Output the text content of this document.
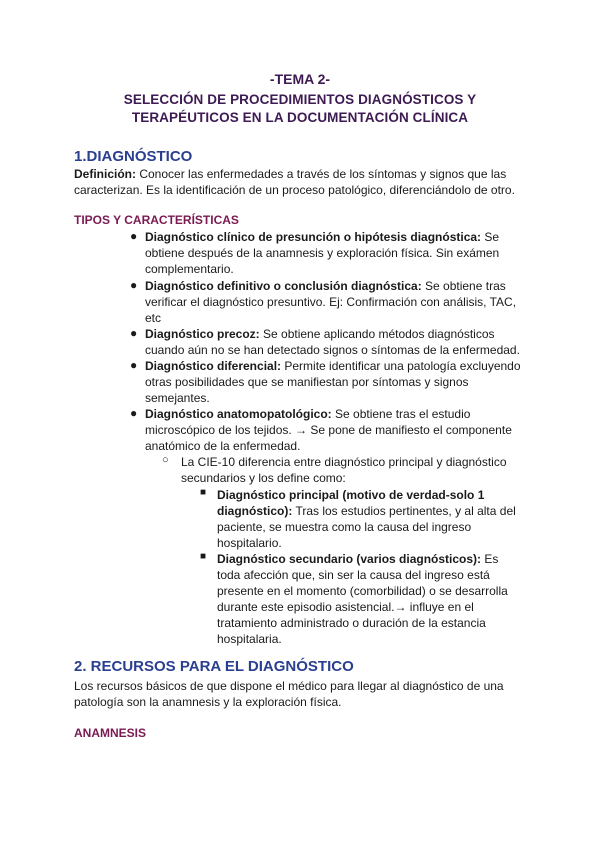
-TEMA 2-
SELECCIÓN DE PROCEDIMIENTOS DIAGNÓSTICOS Y
TERAPÉUTICOS EN LA DOCUMENTACIÓN CLÍNICA
1.DIAGNÓSTICO
Definición: Conocer las enfermedades a través de los síntomas y signos que las
caracterizan. Es la identificación de un proceso patológico, diferenciándolo de otro.
TIPOS Y CARACTERÍSTICAS
● Diagnóstico clínico de presunción o hipótesis diagnóstica: Se
obtiene después de la anamnesis y exploración física. Sin exámen
complementario.
● Diagnóstico definitivo o conclusión diagnóstica: Se obtiene tras
verificar el diagnóstico presuntivo. Ej: Confirmación con análisis, TAC,
etc
● Diagnóstico precoz: Se obtiene aplicando métodos diagnósticos
cuando aún no se han detectado signos o síntomas de la enfermedad.
● Diagnóstico diferencial: Permite identificar una patología excluyendo
otras posibilidades que se manifiestan por síntomas y signos
semejantes.
● Diagnóstico anatomopatológico: Se obtiene tras el estudio
microscópico de los tejidos. → Se pone de manifiesto el componente
anatómico de la enfermedad.
○ La CIE-10 diferencia entre diagnóstico principal y diagnóstico
secundarios y los define como:
■ Diagnóstico principal (motivo de verdad-solo 1
diagnóstico): Tras los estudios pertinentes, y al alta del
paciente, se muestra como la causa del ingreso
hospitalario.
■ Diagnóstico secundario (varios diagnósticos): Es
toda afección que, sin ser la causa del ingreso está
presente en el momento (comorbilidad) o se desarrolla
durante este episodio asistencial.→ influye en el
tratamiento administrado o duración de la estancia
hospitalaria.
2. RECURSOS PARA EL DIAGNÓSTICO
Los recursos básicos de que dispone el médico para llegar al diagnóstico de una
patología son la anamnesis y la exploración física.
ANAMNESIS
